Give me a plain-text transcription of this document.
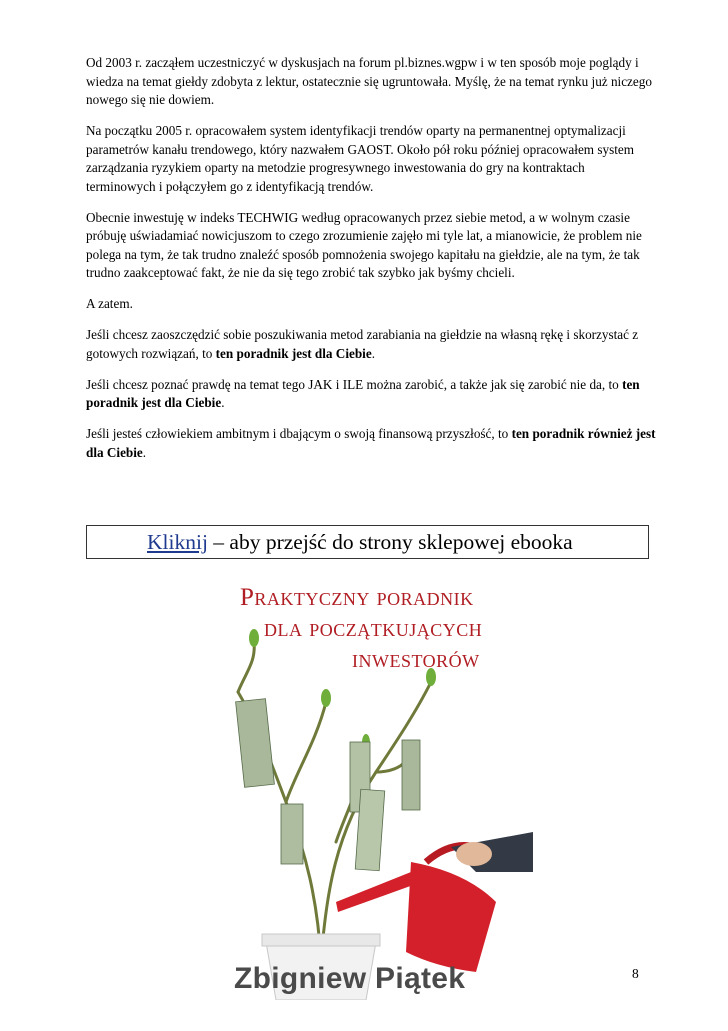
Od 2003 r. zacząłem uczestniczyć w dyskusjach na forum pl.biznes.wgpw i w ten sposób moje poglądy i wiedza na temat giełdy zdobyta z lektur, ostatecznie się ugruntowała. Myślę, że na temat rynku już niczego nowego się nie dowiem.

Na początku 2005 r. opracowałem system identyfikacji trendów oparty na permanentnej optymalizacji parametrów kanału trendowego, który nazwałem GAOST. Około pół roku później opracowałem system zarządzania ryzykiem oparty na metodzie progresywnego inwestowania do gry na kontraktach terminowych i połączyłem go z identyfikacją trendów.

Obecnie inwestuję w indeks TECHWIG według opracowanych przez siebie metod, a w wolnym czasie próbuję uświadamiać nowicjuszom to czego zrozumienie zajęło mi tyle lat, a mianowicie, że problem nie polega na tym, że tak trudno znaleźć sposób pomnożenia swojego kapitału na giełdzie, ale na tym, że tak trudno zaakceptować fakt, że nie da się tego zrobić tak szybko jak byśmy chcieli.

A zatem.

Jeśli chcesz zaoszczędzić sobie poszukiwania metod zarabiania na giełdzie na własną rękę i skorzystać z gotowych rozwiązań, to ten poradnik jest dla Ciebie.

Jeśli chcesz poznać prawdę na temat tego JAK i ILE można zarobić, a także jak się zarobić nie da, to ten poradnik jest dla Ciebie.

Jeśli jesteś człowiekiem ambitnym i dbającym o swoją finansową przyszłość, to ten poradnik również jest dla Ciebie.

Kliknij – aby przejść do strony sklepowej ebooka
Praktyczny poradnik
dla początkujących
inwestorów
Zbigniew Piątek	8
